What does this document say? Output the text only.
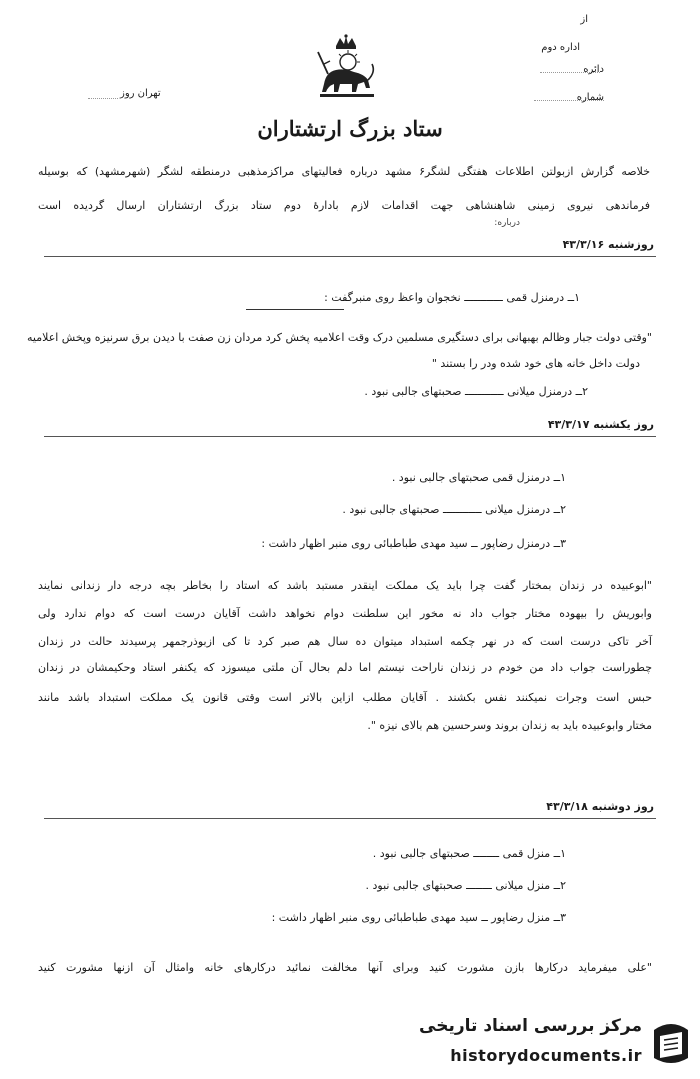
از
اداره دوم
دائره
شماره
تهران روز
ستاد بزرگ ارتشتاران
خلاصه گزارش ازبولتن اطلاعات هفتگی لشگر۶ مشهد درباره فعالیتهای مراکزمذهبی درمنطقه لشگر (شهرمشهد) که بوسیله
فرماندهی نیروی زمینی شاهنشاهی جهت اقدامات لازم بادارهٔ دوم ستاد بزرگ ارتشتاران ارسال گردیده است
درباره:
روزشنبه ۴۳/۳/۱۶
۱ــ درمنزل قمی ــــــــــــ نخجوان واعظ روی منبرگفت :
"وقتی دولت جبار وظالم بهبهانی برای دستگیری مسلمین درک وقت اعلامیه پخش کرد مردان زن صفت با دیدن برق سرنیزه وپخش اعلامیه
دولت داخل خانه های خود شده ودر را بستند "
۲ــ درمنزل میلانی ــــــــــــ صحبتهای جالبی نبود .
روز یکشنبه ۴۳/۳/۱۷
۱ــ درمنزل قمی صحبتهای جالبی نبود .
۲ــ درمنزل میلانی ــــــــــــ صحبتهای جالبی نبود .
۳ــ درمنزل رضاپور ــ سید مهدی طباطبائی روی منبر اظهار داشت :
"ابوعبیده در زندان بمختار گفت چرا باید یک مملکت اینقدر مستبد باشد که استاد را بخاطر بچه درجه دار زندانی نمایند
وابوریش را بیهوده مختار جواب داد نه مخور این سلطنت دوام نخواهد داشت آقایان درست است که دوام ندارد ولی
آخر تاکی درست است که در نهر چکمه استبداد میتوان ده سال هم صبر کرد تا کی ازبوذرجمهر پرسیدند حالت در زندان
چطوراست جواب داد من خودم در زندان ناراحت نیستم اما دلم بحال آن ملتی میسوزد که یکنفر استاد وحکیمشان در زندان
حبس است وجرات نمیکنند نفس بکشند . آقایان مطلب ازاین بالاتر است وقتی قانون یک مملکت استبداد باشد مانند
مختار وابوعبیده باید به زندان بروند وسرحسین هم بالای نیزه ".
روز دوشنبه ۴۳/۳/۱۸
۱ــ منزل قمی ــــــــ صحبتهای جالبی نبود .
۲ــ منزل میلانی ــــــــ صحبتهای جالبی نبود .
۳ــ منزل رضاپور ــ سید مهدی طباطبائی روی منبر اظهار داشت :
"علی میفرماید درکارها بازن مشورت کنید وبرای آنها مخالفت نمائید درکارهای خانه وامثال آن ازنها مشورت کنید
مرکز بررسی اسناد تاریخی
historydocuments.ir
